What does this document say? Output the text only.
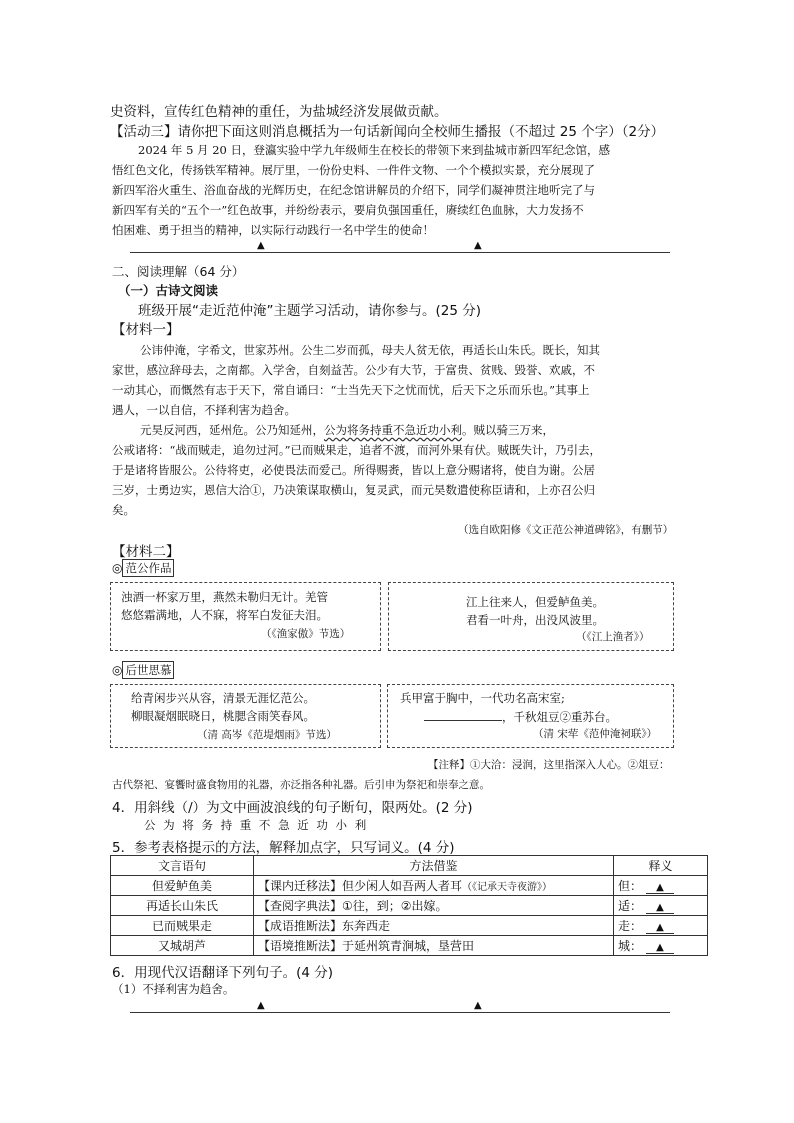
史资料，宣传红色精神的重任，为盐城经济发展做贡献。
【活动三】请你把下面这则消息概括为一句话新闻向全校师生播报（不超过 25 个字）（2分）
2024 年 5 月 20 日，登瀛实验中学九年级师生在校长的带领下来到盐城市新四军纪念馆，感
悟红色文化，传扬铁军精神。展厅里，一份份史料、一件件文物、一个个模拟实景，充分展现了
新四军浴火重生、浴血奋战的光辉历史，在纪念馆讲解员的介绍下，同学们凝神贯注地听完了与
新四军有关的“五个一”红色故事，并纷纷表示，要肩负强国重任，赓续红色血脉，大力发扬不
怕困难、勇于担当的精神，以实际行动践行一名中学生的使命！
▲	▲
二、阅读理解（64 分）
（一）古诗文阅读
班级开展“走近范仲淹”主题学习活动，请你参与。(25 分)
【材料一】
公讳仲淹，字希文，世家苏州。公生二岁而孤，母夫人贫无依，再适长山朱氏。既长，知其
家世，感泣辞母去，之南都。入学舍，自刻益苦。公少有大节，于富贵、贫贱、毁誉、欢戚，不
一动其心，而慨然有志于天下，常自诵曰：“士当先天下之忧而忧，后天下之乐而乐也。”其事上
遇人，一以自信，不择利害为趋舍。
元昊反河西，延州危。公乃知延州，公为将务持重不急近功小利。贼以骑三万来，
公戒诸将：“战而贼走，追勿过河。”已而贼果走，追者不渡，而河外果有伏。贼既失计，乃引去，
于是诸将皆服公。公待将吏，必使畏法而爱己。所得赐赉，皆以上意分赐诸将，使自为谢。公居
三岁，士勇边实，恩信大洽①，乃决策谋取横山，复灵武，而元昊数遣使称臣请和，上亦召公归
矣。
（选自欧阳修《文正范公神道碑铭》，有删节）
【材料二】
◎ 范公作品
浊酒一杯家万里，燕然未勒归无计。羌管
悠悠霜满地，人不寐，将军白发征夫泪。
（《渔家傲》节选）
江上往来人，但爱鲈鱼美。
君看一叶舟，出没风波里。
（《江上渔者》）
◎ 后世思慕
给青闲步兴从容，清景无涯忆范公。
柳眼凝烟眠晓日，桃腮含雨笑春风。
（清 高岑《范堤烟雨》节选）
兵甲富于胸中，一代功名高宋室;
，千秋俎豆②重苏台。
（清 宋荦《范仲淹祠联》）
【注释】①大洽：浸润，这里指深入人心。②俎豆：
古代祭祀、宴饗时盛食物用的礼器，亦泛指各种礼器。后引申为祭祀和崇奉之意。
4．用斜线（/）为文中画波浪线的句子断句，限两处。(2 分)
公 为 将 务 持 重 不 急 近 功 小 利
5．参考表格提示的方法，解释加点字，只写词义。(4 分)
文言语句	方法借鉴	释义
但爱鲈鱼美	【课内迁移法】但少闲人如吾两人者耳（《记承天寺夜游》）	但： ▲
再适长山朱氏	【查阅字典法】①往，到；②出嫁。	适： ▲
已而贼果走	【成语推断法】东奔西走	走： ▲
又城胡芦	【语境推断法】于延州筑青涧城，垦营田	城： ▲
6．用现代汉语翻译下列句子。(4 分)
（1）不择利害为趋舍。
▲	▲
